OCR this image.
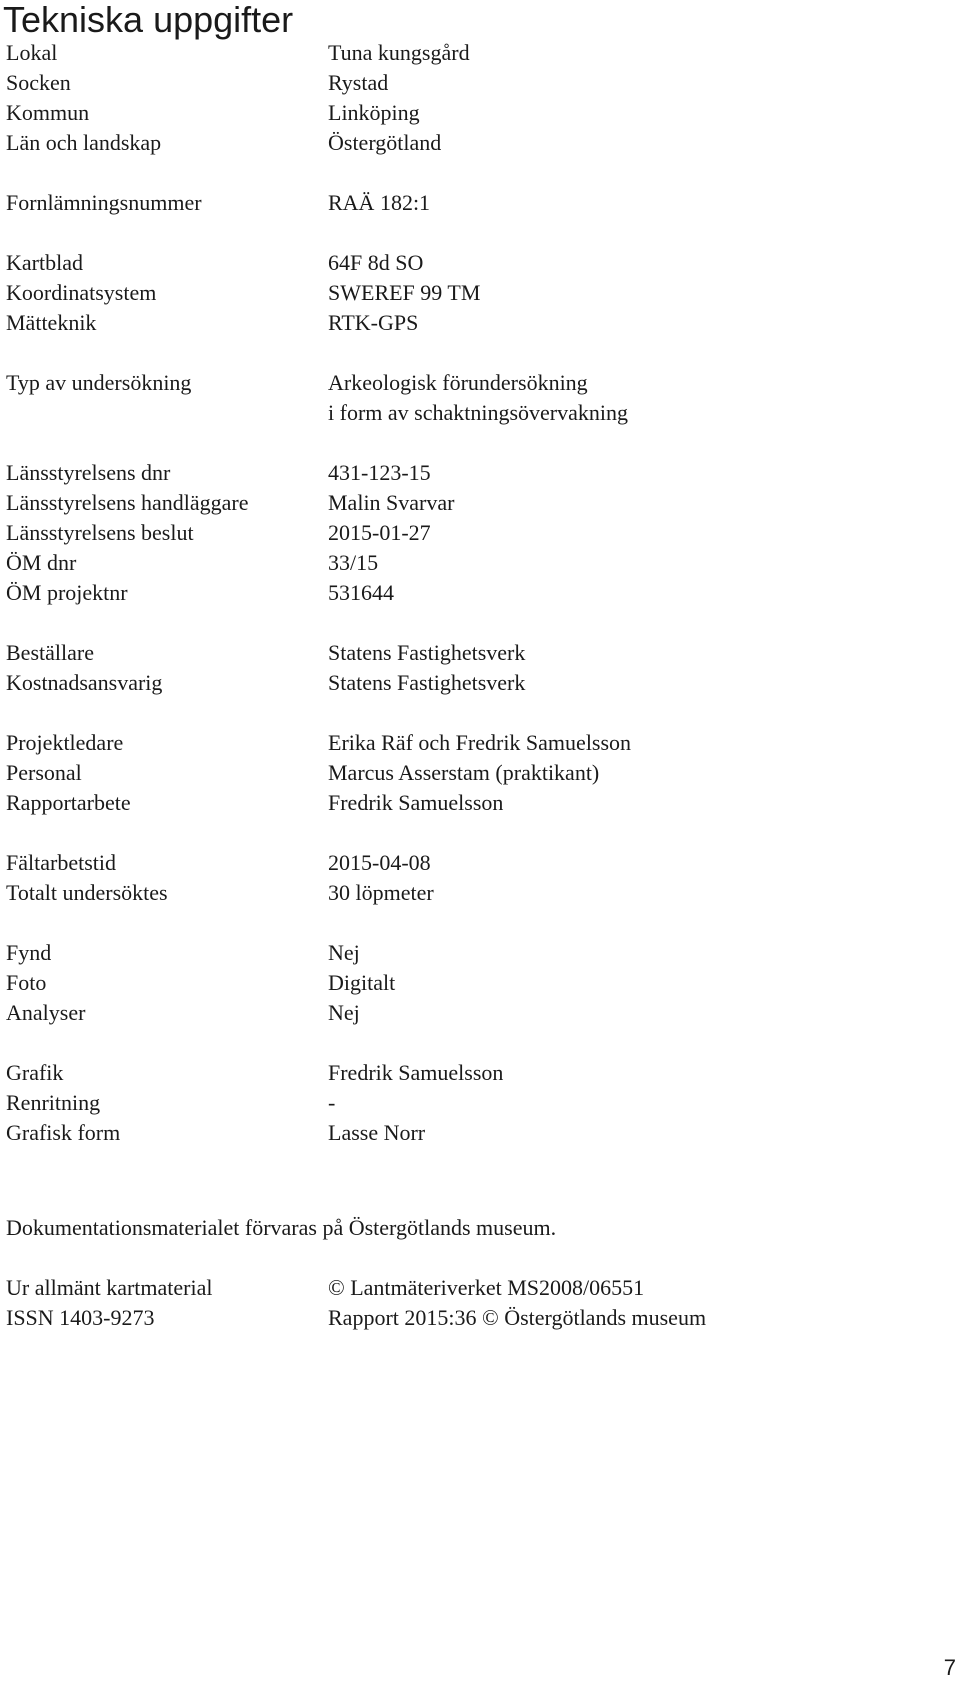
Tekniska uppgifter
Lokal	Tuna kungsgård
Socken	Rystad
Kommun	Linköping
Län och landskap	Östergötland
Fornlämningsnummer	RAÄ 182:1
Kartblad	64F 8d SO
Koordinatsystem	SWEREF 99 TM
Mätteknik	RTK-GPS
Typ av undersökning	Arkeologisk förundersökning
i form av schaktningsövervakning
Länsstyrelsens dnr	431-123-15
Länsstyrelsens handläggare	Malin Svarvar
Länsstyrelsens beslut	2015-01-27
ÖM dnr	33/15
ÖM projektnr	531644
Beställare	Statens Fastighetsverk
Kostnadsansvarig	Statens Fastighetsverk
Projektledare	Erika Räf och Fredrik Samuelsson
Personal	Marcus Asserstam (praktikant)
Rapportarbete	Fredrik Samuelsson
Fältarbetstid	2015-04-08
Totalt undersöktes	30 löpmeter
Fynd	Nej
Foto	Digitalt
Analyser	Nej
Grafik	Fredrik Samuelsson
Renritning	-
Grafisk form	Lasse Norr

Dokumentationsmaterialet förvaras på Östergötlands museum.

Ur allmänt kartmaterial	© Lantmäteriverket MS2008/06551
ISSN 1403-9273	Rapport 2015:36 © Östergötlands museum
7
